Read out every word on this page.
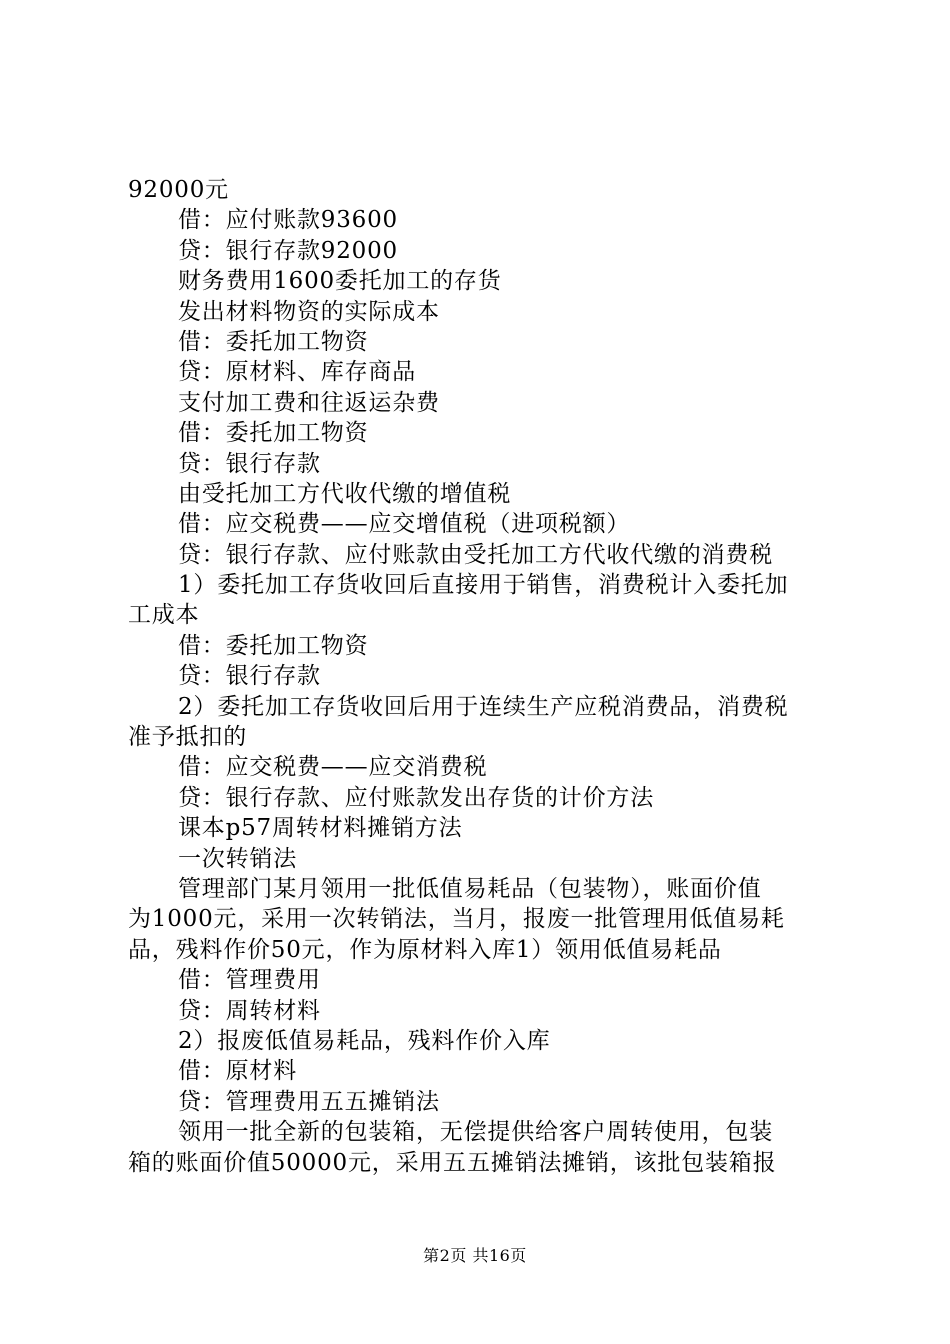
92000元
借：应付账款93600
贷：银行存款92000
财务费用1600委托加工的存货
发出材料物资的实际成本
借：委托加工物资
贷：原材料、库存商品
支付加工费和往返运杂费
借：委托加工物资
贷：银行存款
由受托加工方代收代缴的增值税
借：应交税费——应交增值税（进项税额）
贷：银行存款、应付账款由受托加工方代收代缴的消费税
1）委托加工存货收回后直接用于销售，消费税计入委托加
工成本
借：委托加工物资
贷：银行存款
2）委托加工存货收回后用于连续生产应税消费品，消费税
准予抵扣的
借：应交税费——应交消费税
贷：银行存款、应付账款发出存货的计价方法
课本p57周转材料摊销方法
一次转销法
管理部门某月领用一批低值易耗品（包装物），账面价值
为1000元，采用一次转销法，当月，报废一批管理用低值易耗
品，残料作价50元，作为原材料入库1）领用低值易耗品
借：管理费用
贷：周转材料
2）报废低值易耗品，残料作价入库
借：原材料
贷：管理费用五五摊销法
领用一批全新的包装箱，无偿提供给客户周转使用，包装
箱的账面价值50000元，采用五五摊销法摊销，该批包装箱报
第2页 共16页
